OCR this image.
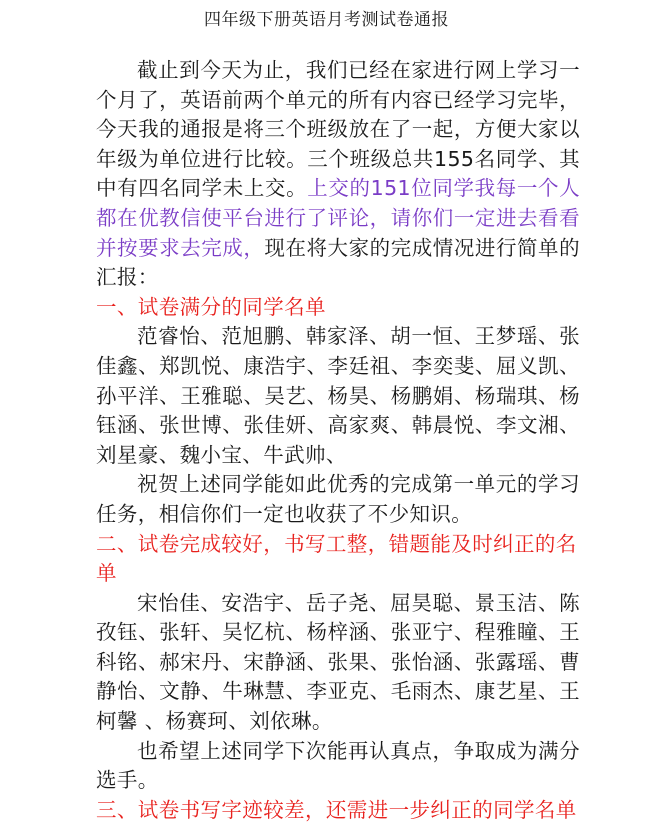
四年级下册英语月考测试卷通报

截止到今天为止，我们已经在家进行网上学习一个月了，英语前两个单元的所有内容已经学习完毕，今天我的通报是将三个班级放在了一起，方便大家以年级为单位进行比较。三个班级总共155名同学、其中有四名同学未上交。上交的151位同学我每一个人都在优教信使平台进行了评论，请你们一定进去看看并按要求去完成，现在将大家的完成情况进行简单的汇报：

一、试卷满分的同学名单

范睿怡、范旭鹏、韩家泽、胡一恒、王梦瑶、张佳鑫、郑凯悦、康浩宇、李廷祖、李奕斐、屈义凯、孙平洋、王雅聪、吴艺、杨昊、杨鹏娟、杨瑞琪、杨钰涵、张世博、张佳妍、高家爽、韩晨悦、李文湘、刘星豪、魏小宝、牛武帅、

祝贺上述同学能如此优秀的完成第一单元的学习任务，相信你们一定也收获了不少知识。

二、试卷完成较好，书写工整，错题能及时纠正的名单

宋怡佳、安浩宇、岳子尧、屈昊聪、景玉洁、陈孜钰、张轩、吴忆杭、杨梓涵、张亚宁、程雅瞳、王科铭、郝宋丹、宋静涵、张果、张怡涵、张露瑶、曹静怡、文静、牛琳慧、李亚克、毛雨杰、康艺星、王柯馨 、杨赛珂、刘依琳。

也希望上述同学下次能再认真点，争取成为满分选手。

三、试卷书写字迹较差，还需进一步纠正的同学名单
